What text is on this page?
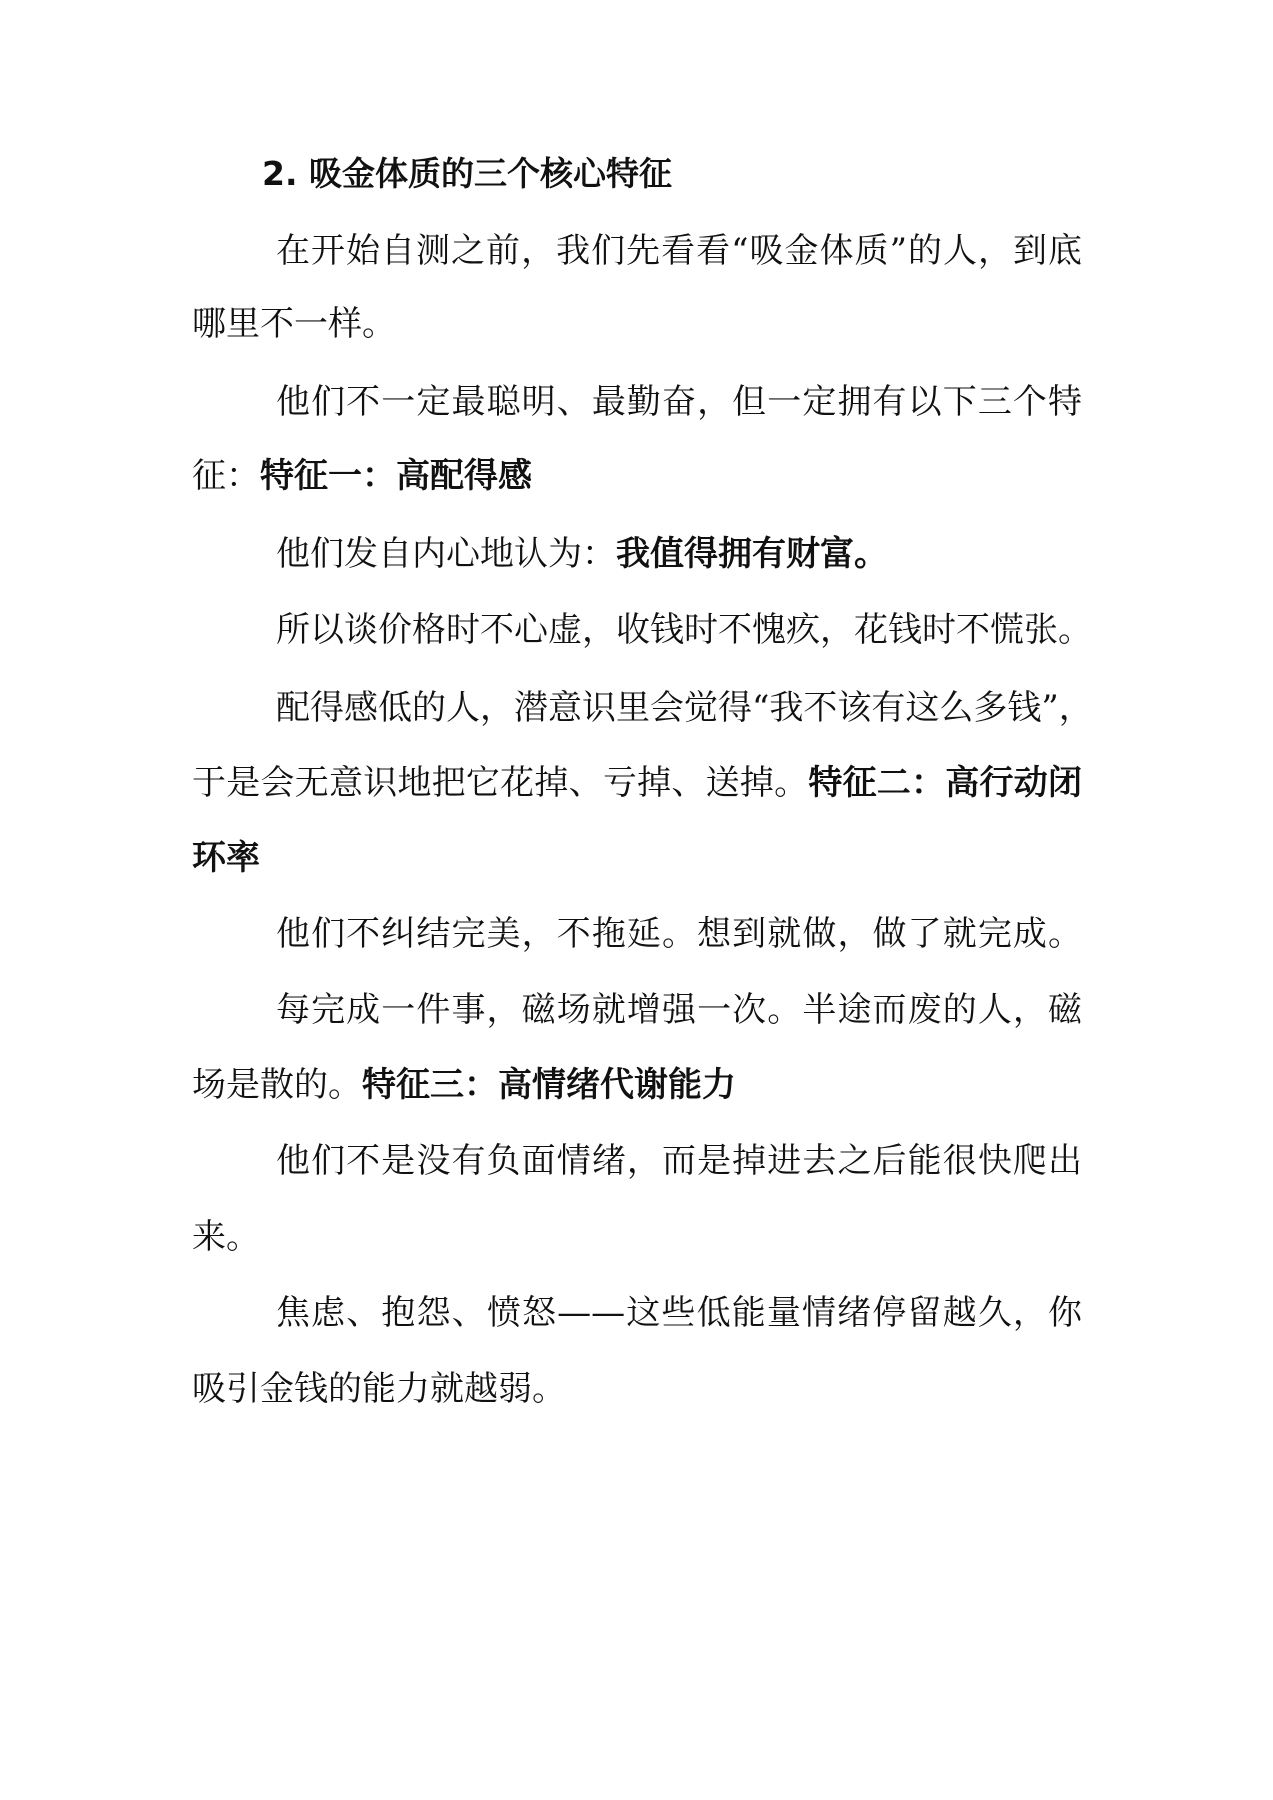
2. 吸金体质的三个核心特征
在开始自测之前，我们先看看“吸金体质”的人，到底
哪里不一样。
他们不一定最聪明、最勤奋，但一定拥有以下三个特
征：特征一：高配得感
他们发自内心地认为：我值得拥有财富。
所以谈价格时不心虚，收钱时不愧疚，花钱时不慌张。
配得感低的人，潜意识里会觉得“我不该有这么多钱”，
于是会无意识地把它花掉、亏掉、送掉。特征二：高行动闭
环率
他们不纠结完美，不拖延。想到就做，做了就完成。
每完成一件事，磁场就增强一次。半途而废的人，磁
场是散的。特征三：高情绪代谢能力
他们不是没有负面情绪，而是掉进去之后能很快爬出
来。
焦虑、抱怨、愤怒——这些低能量情绪停留越久，你
吸引金钱的能力就越弱。
